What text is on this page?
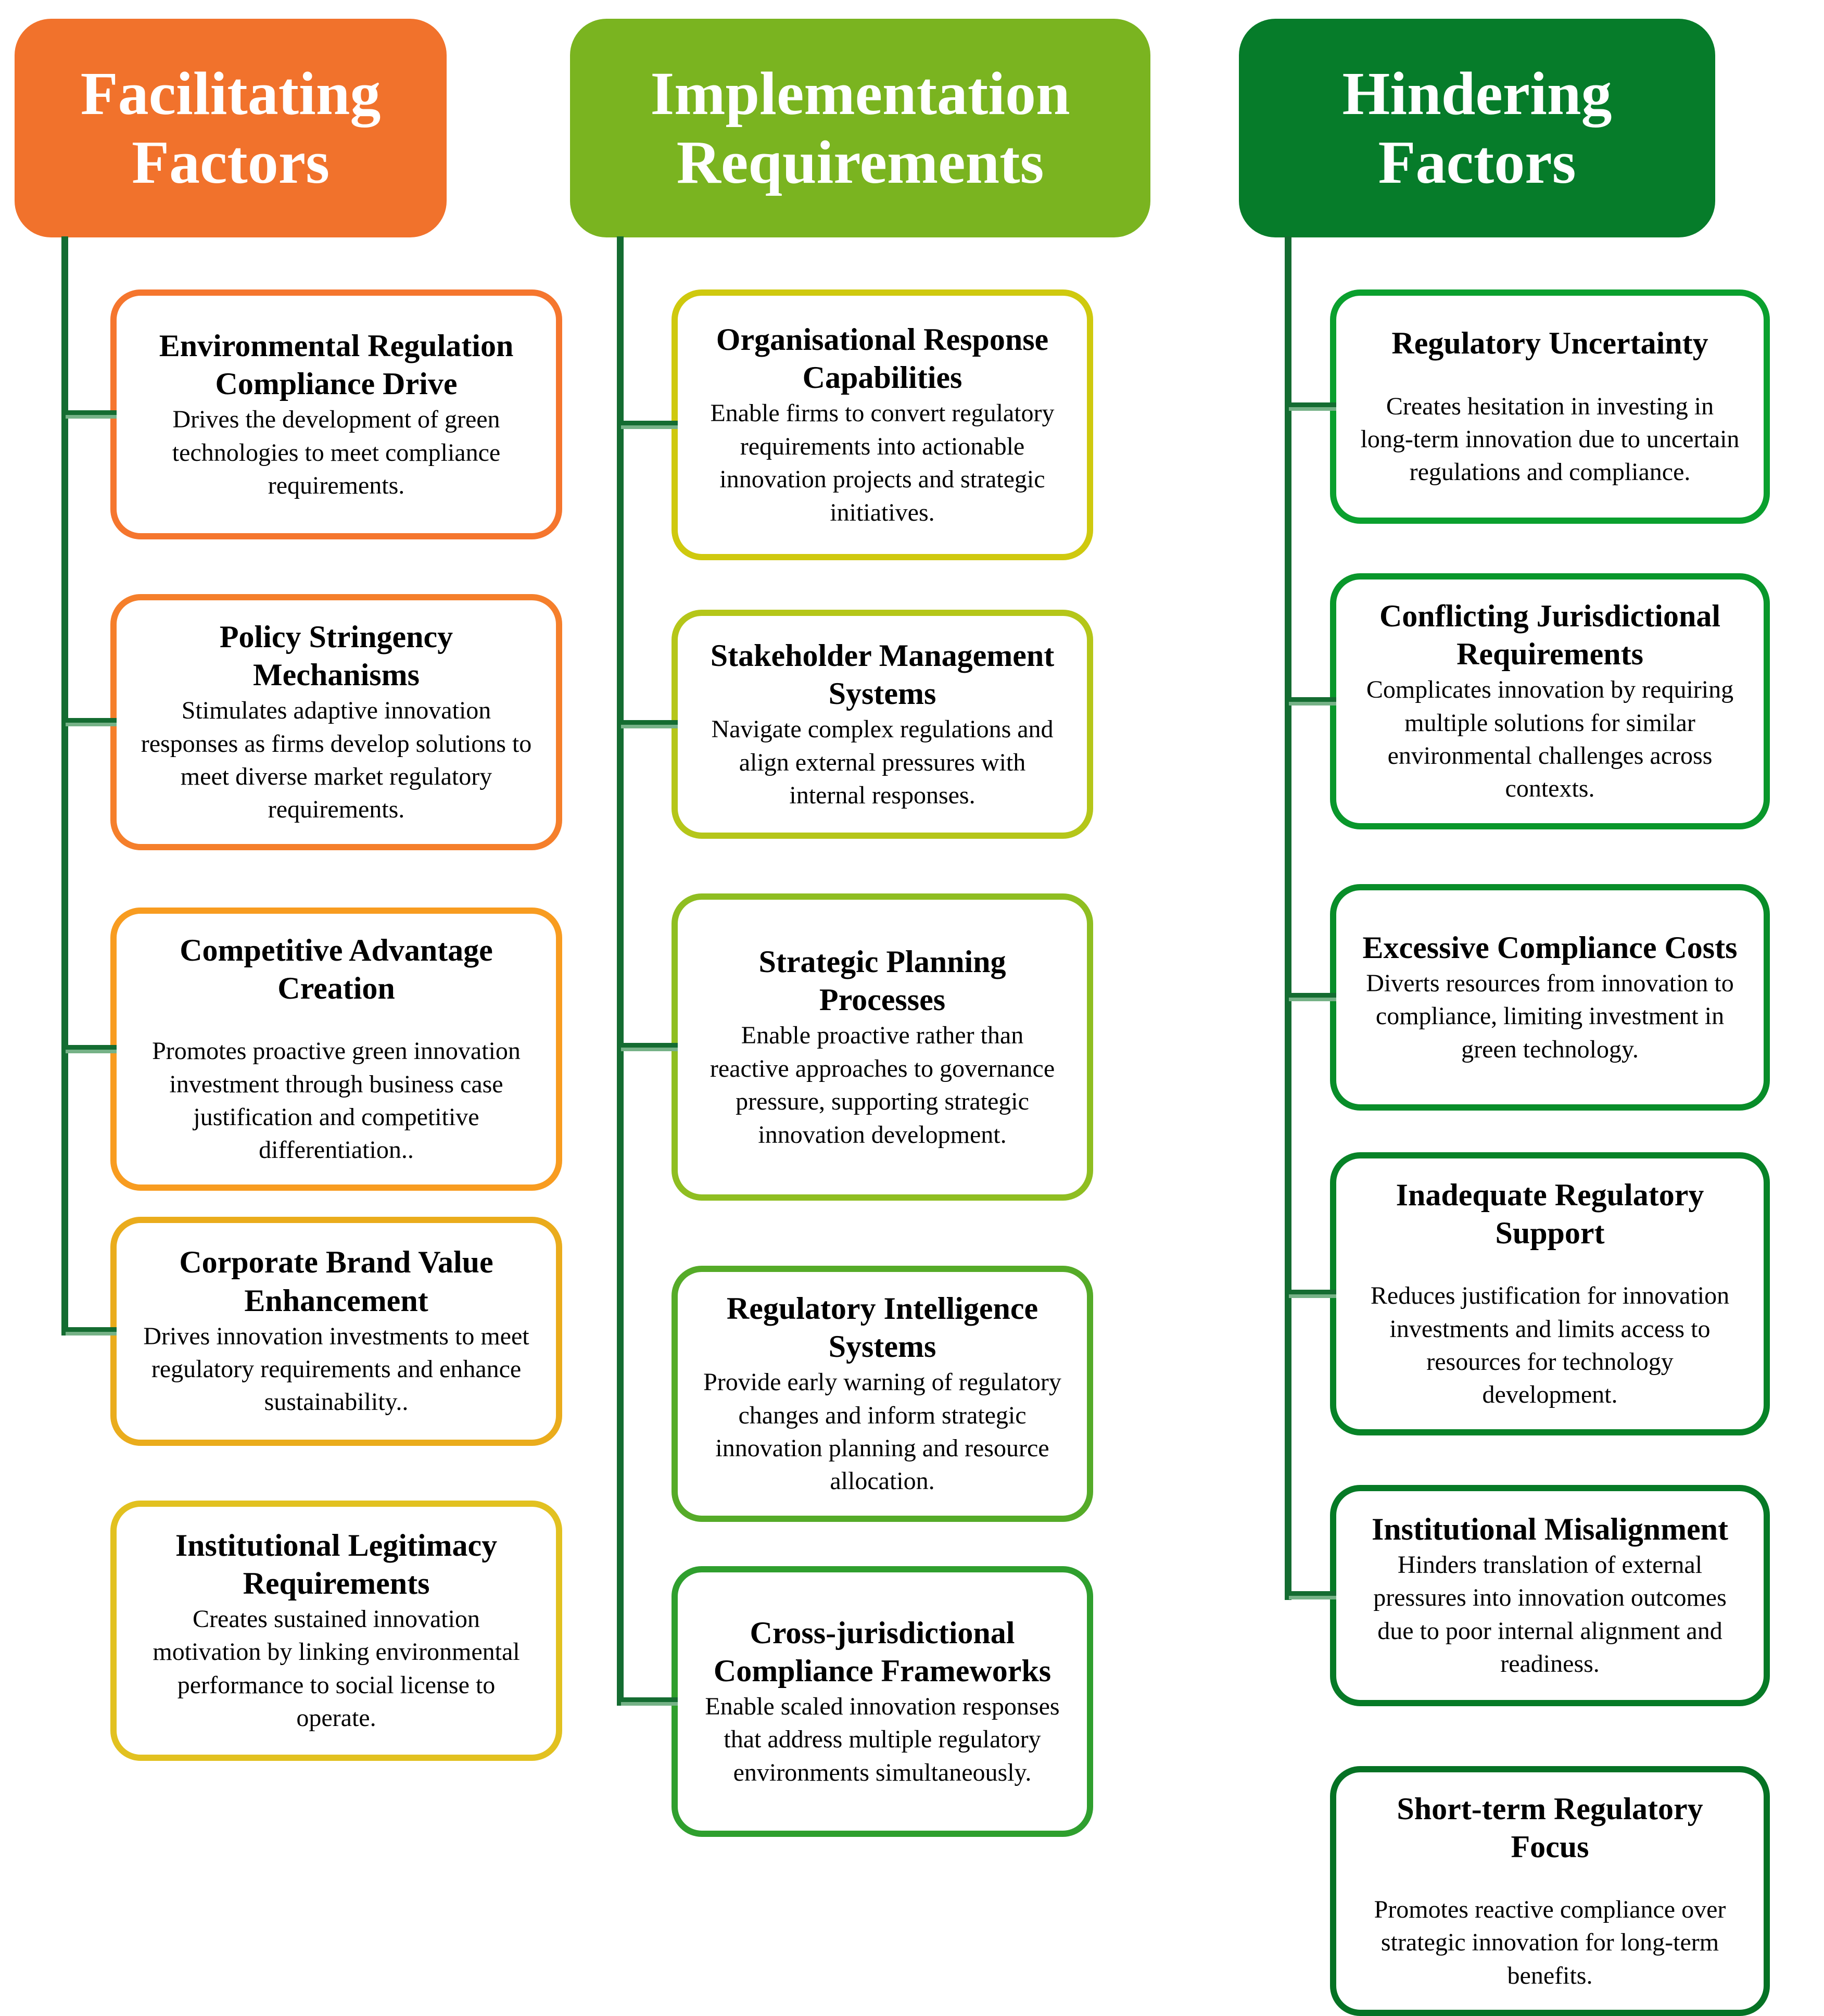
Facilitating Factors
Environmental Regulation Compliance Drive
Drives the development of green technologies to meet compliance requirements.
Policy Stringency Mechanisms
Stimulates adaptive innovation responses as firms develop solutions to meet diverse market regulatory requirements.
Competitive Advantage Creation
Promotes proactive green innovation investment through business case justification and competitive differentiation..
Corporate Brand Value Enhancement
Drives innovation investments to meet regulatory requirements and enhance sustainability..
Institutional Legitimacy Requirements
Creates sustained innovation motivation by linking environmental performance to social license to operate.
Implementation Requirements
Organisational Response Capabilities
Enable firms to convert regulatory requirements into actionable innovation projects and strategic initiatives.
Stakeholder Management Systems
Navigate complex regulations and align external pressures with internal responses.
Strategic Planning Processes
Enable proactive rather than reactive approaches to governance pressure, supporting strategic innovation development.
Regulatory Intelligence Systems
Provide early warning of regulatory changes and inform strategic innovation planning and resource allocation.
Cross-jurisdictional Compliance Frameworks
Enable scaled innovation responses that address multiple regulatory environments simultaneously.
Hindering Factors
Regulatory Uncertainty
Creates hesitation in investing in long-term innovation due to uncertain regulations and compliance.
Conflicting Jurisdictional Requirements
Complicates innovation by requiring multiple solutions for similar environmental challenges across contexts.
Excessive Compliance Costs
Diverts resources from innovation to compliance, limiting investment in green technology.
Inadequate Regulatory Support
Reduces justification for innovation investments and limits access to resources for technology development.
Institutional Misalignment
Hinders translation of external pressures into innovation outcomes due to poor internal alignment and readiness.
Short-term Regulatory Focus
Promotes reactive compliance over strategic innovation for long-term benefits.
